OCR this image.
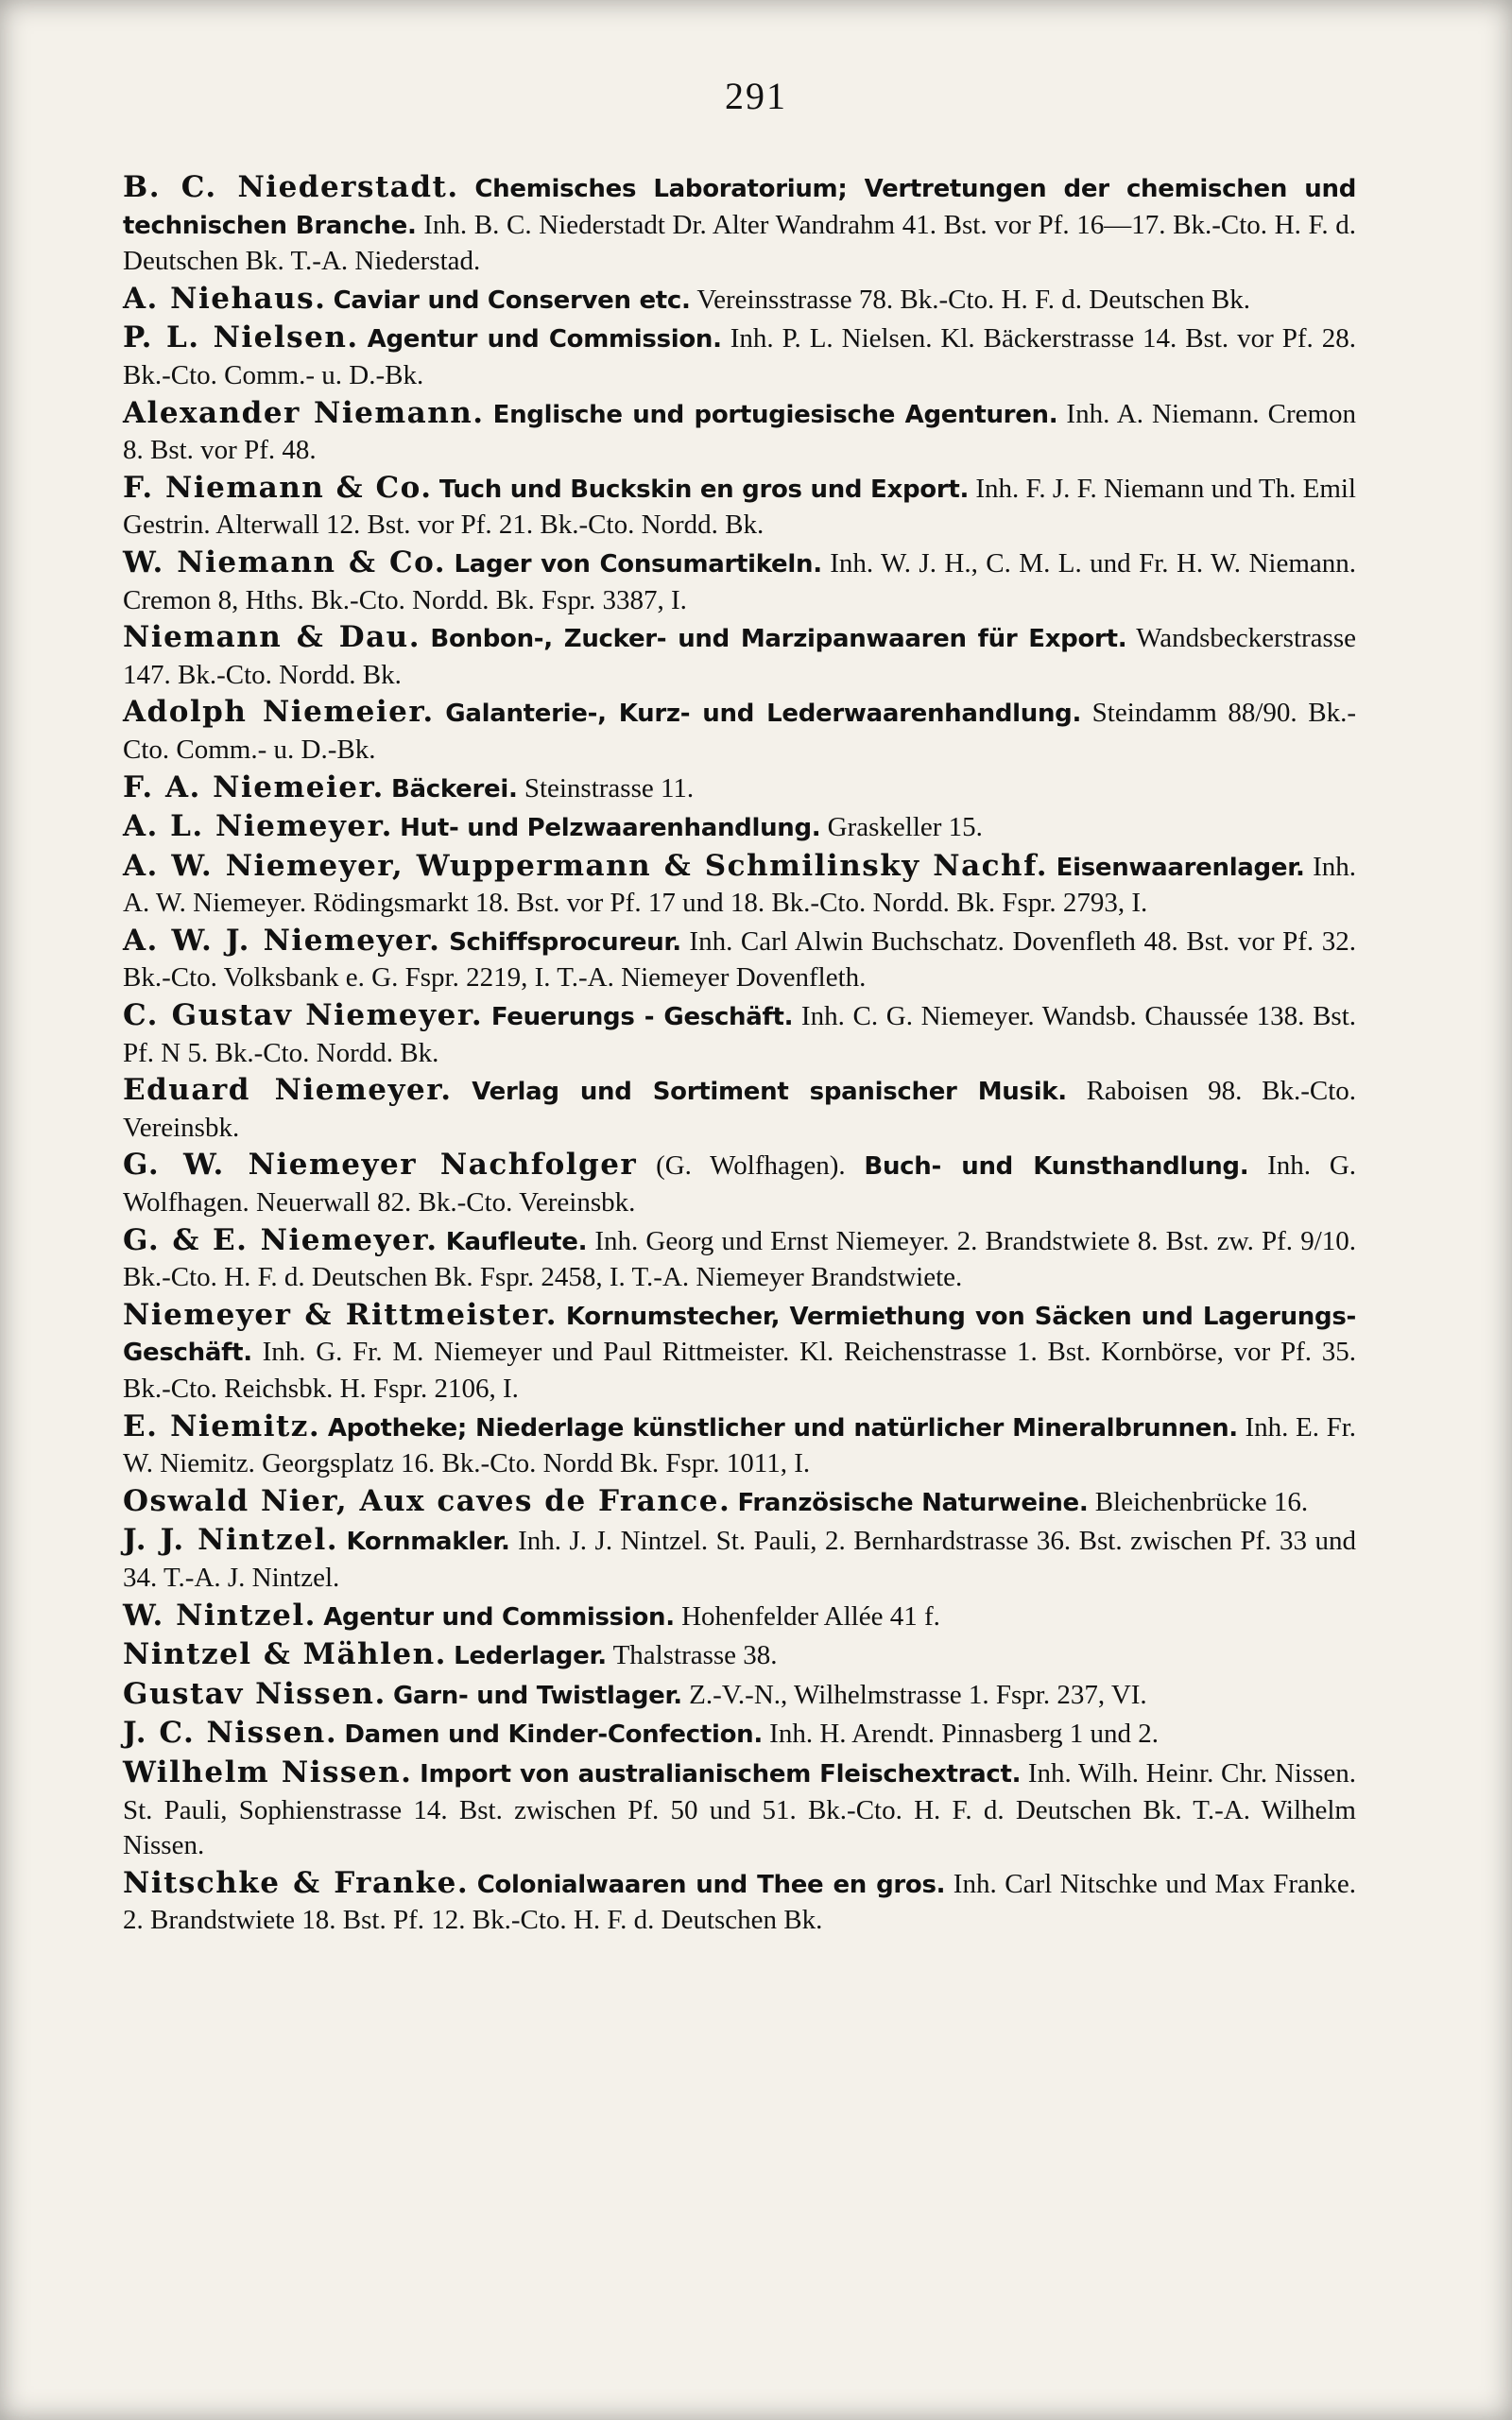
291
B. C. Niederstadt. Chemisches Laboratorium; Vertretungen der chemischen und technischen Branche. Inh. B. C. Niederstadt Dr. Alter Wandrahm 41. Bst. vor Pf. 16—17. Bk.-Cto. H. F. d. Deutschen Bk. T.-A. Niederstad.
A. Niehaus. Caviar und Conserven etc. Vereinsstrasse 78. Bk.-Cto. H. F. d. Deutschen Bk.
P. L. Nielsen. Agentur und Commission. Inh. P. L. Nielsen. Kl. Bäckerstrasse 14. Bst. vor Pf. 28. Bk.-Cto. Comm.- u. D.-Bk.
Alexander Niemann. Englische und portugiesische Agenturen. Inh. A. Niemann. Cremon 8. Bst. vor Pf. 48.
F. Niemann & Co. Tuch und Buckskin en gros und Export. Inh. F. J. F. Niemann und Th. Emil Gestrin. Alterwall 12. Bst. vor Pf. 21. Bk.-Cto. Nordd. Bk.
W. Niemann & Co. Lager von Consumartikeln. Inh. W. J. H., C. M. L. und Fr. H. W. Niemann. Cremon 8, Hths. Bk.-Cto. Nordd. Bk. Fspr. 3387, I.
Niemann & Dau. Bonbon-, Zucker- und Marzipanwaaren für Export. Wandsbeckerstrasse 147. Bk.-Cto. Nordd. Bk.
Adolph Niemeier. Galanterie-, Kurz- und Lederwaarenhandlung. Steindamm 88/90. Bk.-Cto. Comm.- u. D.-Bk.
F. A. Niemeier. Bäckerei. Steinstrasse 11.
A. L. Niemeyer. Hut- und Pelzwaarenhandlung. Graskeller 15.
A. W. Niemeyer, Wuppermann & Schmilinsky Nachf. Eisenwaarenlager. Inh. A. W. Niemeyer. Rödingsmarkt 18. Bst. vor Pf. 17 und 18. Bk.-Cto. Nordd. Bk. Fspr. 2793, I.
A. W. J. Niemeyer. Schiffsprocureur. Inh. Carl Alwin Buchschatz. Dovenfleth 48. Bst. vor Pf. 32. Bk.-Cto. Volksbank e. G. Fspr. 2219, I. T.-A. Niemeyer Dovenfleth.
C. Gustav Niemeyer. Feuerungs - Geschäft. Inh. C. G. Niemeyer. Wandsb. Chaussée 138. Bst. Pf. N 5. Bk.-Cto. Nordd. Bk.
Eduard Niemeyer. Verlag und Sortiment spanischer Musik. Raboisen 98. Bk.-Cto. Vereinsbk.
G. W. Niemeyer Nachfolger (G. Wolfhagen). Buch- und Kunsthandlung. Inh. G. Wolfhagen. Neuerwall 82. Bk.-Cto. Vereinsbk.
G. & E. Niemeyer. Kaufleute. Inh. Georg und Ernst Niemeyer. 2. Brandstwiete 8. Bst. zw. Pf. 9/10. Bk.-Cto. H. F. d. Deutschen Bk. Fspr. 2458, I. T.-A. Niemeyer Brandstwiete.
Niemeyer & Rittmeister. Kornumstecher, Vermiethung von Säcken und Lagerungs-Geschäft. Inh. G. Fr. M. Niemeyer und Paul Rittmeister. Kl. Reichenstrasse 1. Bst. Kornbörse, vor Pf. 35. Bk.-Cto. Reichsbk. H. Fspr. 2106, I.
E. Niemitz. Apotheke; Niederlage künstlicher und natürlicher Mineralbrunnen. Inh. E. Fr. W. Niemitz. Georgsplatz 16. Bk.-Cto. Nordd Bk. Fspr. 1011, I.
Oswald Nier, Aux caves de France. Französische Naturweine. Bleichenbrücke 16.
J. J. Nintzel. Kornmakler. Inh. J. J. Nintzel. St. Pauli, 2. Bernhardstrasse 36. Bst. zwischen Pf. 33 und 34. T.-A. J. Nintzel.
W. Nintzel. Agentur und Commission. Hohenfelder Allée 41 f.
Nintzel & Mählen. Lederlager. Thalstrasse 38.
Gustav Nissen. Garn- und Twistlager. Z.-V.-N., Wilhelmstrasse 1. Fspr. 237, VI.
J. C. Nissen. Damen und Kinder-Confection. Inh. H. Arendt. Pinnasberg 1 und 2.
Wilhelm Nissen. Import von australianischem Fleischextract. Inh. Wilh. Heinr. Chr. Nissen. St. Pauli, Sophienstrasse 14. Bst. zwischen Pf. 50 und 51. Bk.-Cto. H. F. d. Deutschen Bk. T.-A. Wilhelm Nissen.
Nitschke & Franke. Colonialwaaren und Thee en gros. Inh. Carl Nitschke und Max Franke. 2. Brandstwiete 18. Bst. Pf. 12. Bk.-Cto. H. F. d. Deutschen Bk.
